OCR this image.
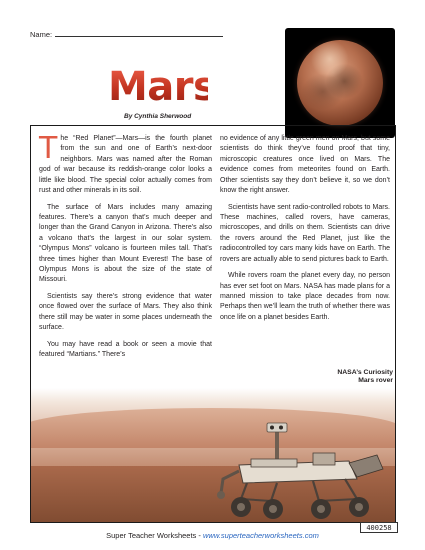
Name:
Mars
By Cynthia Sherwood
NASA’s Curiosity
Mars rover

The “Red Planet”—Mars—is the fourth planet from the sun and one of Earth’s next-door neighbors. Mars was named after the Roman god of war because its reddish-orange color looks a little like blood. The special color actually comes from rust and other minerals in its soil.

The surface of Mars includes many amazing features. There’s a canyon that’s much deeper and longer than the Grand Canyon in Arizona. There’s also a volcano that’s the largest in our solar system. “Olympus Mons” volcano is fourteen miles tall. That’s three times higher than Mount Everest! The base of Olympus Mons is about the size of the state of Missouri.

Scientists say there’s strong evidence that water once flowed over the surface of Mars. They also think there still may be water in some places underneath the surface.

You may have read a book or seen a movie that featured “Martians.” There’s

no evidence of any little green men on Mars, but some scientists do think they’ve found proof that tiny, microscopic creatures once lived on Mars. The evidence comes from meteorites found on Earth. Other scientists say they don’t believe it, so we don’t know the right answer.

Scientists have sent radio-controlled robots to Mars. These machines, called rovers, have cameras, microscopes, and drills on them. Scientists can drive the rovers around the Red Planet, just like the radiocontrolled toy cars many kids have on Earth. The rovers are actually able to send pictures back to Earth.

While rovers roam the planet every day, no person has ever set foot on Mars. NASA has made plans for a manned mission to take place decades from now. Perhaps then we’ll learn the truth of whether there was once life on a planet besides Earth.

400258
Super Teacher Worksheets - www.superteacherworksheets.com
